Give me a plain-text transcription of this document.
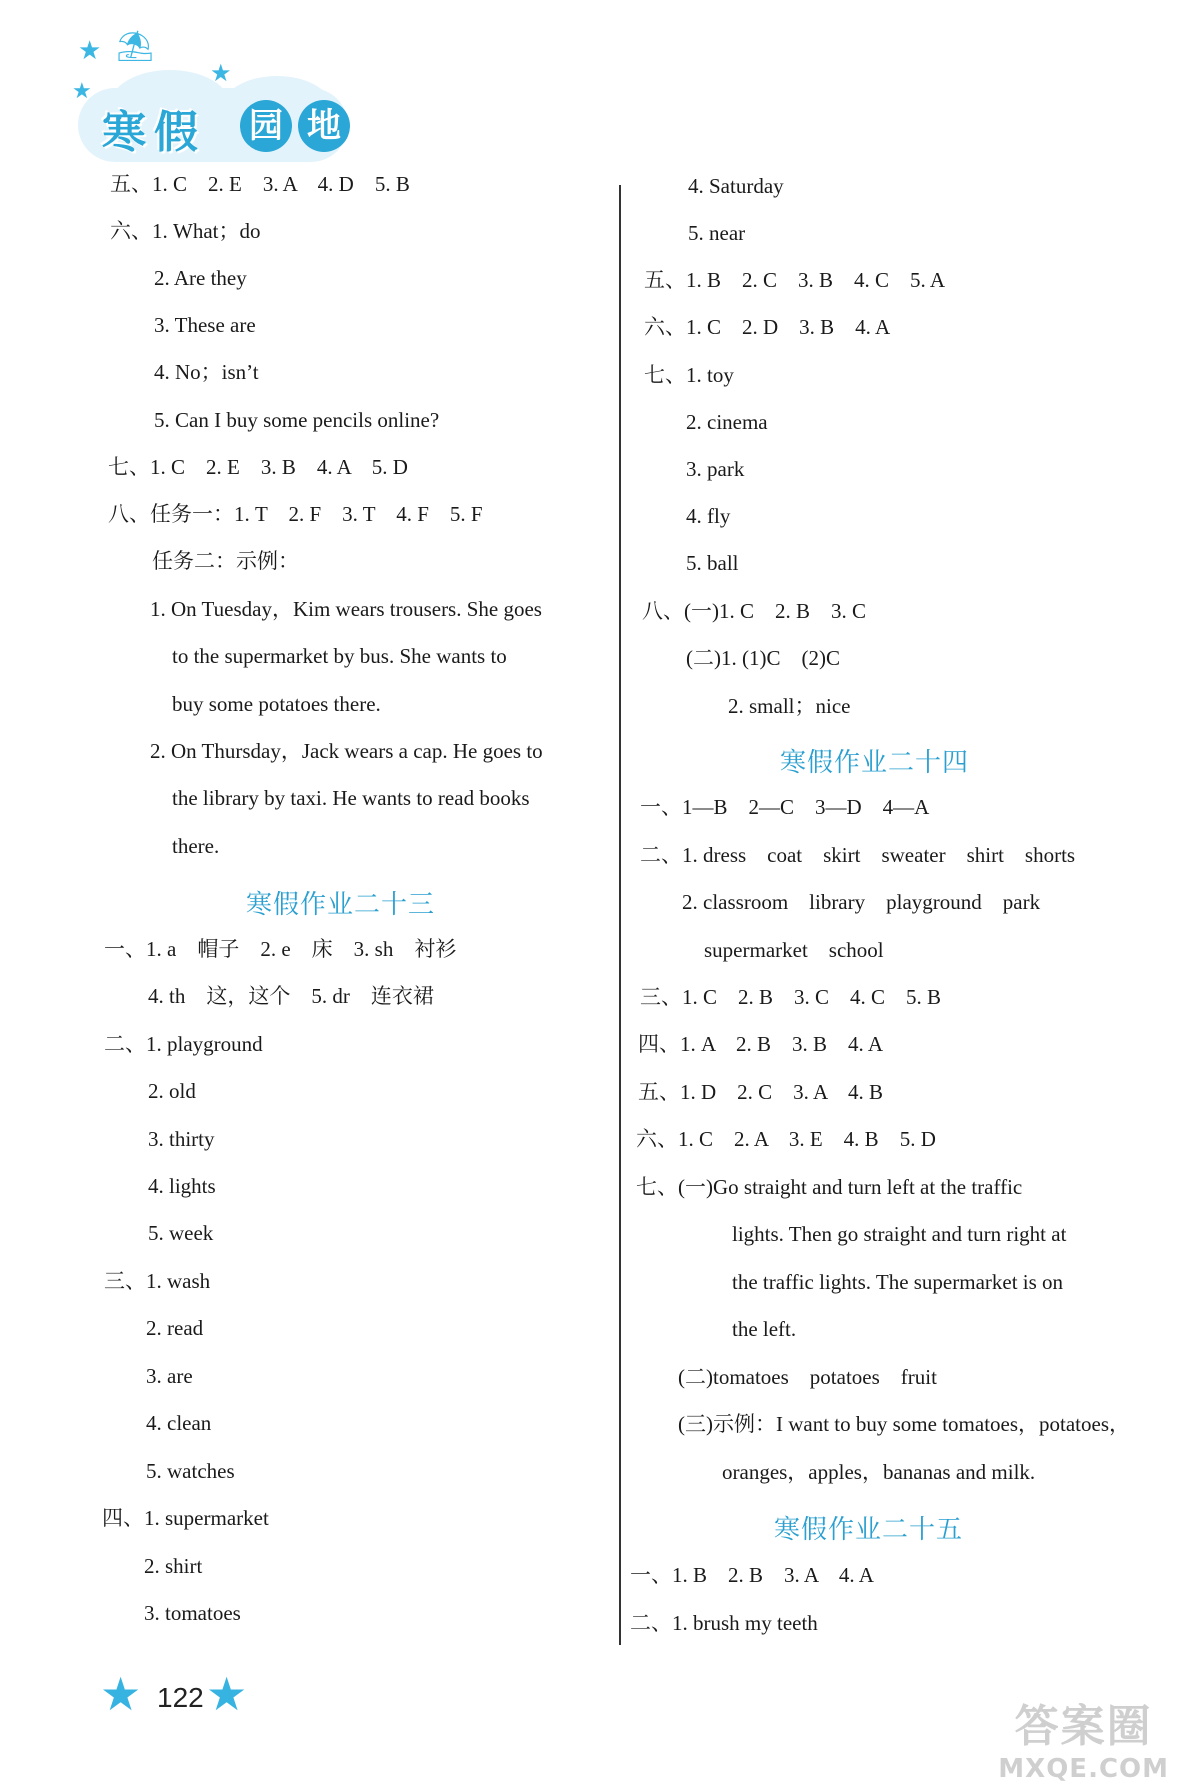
★ ⛱
★
★
寒 假 园 地
五、1. C　2. E　3. A　4. D　5. B
六、1. What；do
2. Are they
3. These are
4. No；isn’t
5. Can I buy some pencils online?
七、1. C　2. E　3. B　4. A　5. D
八、任务一：1. T　2. F　3. T　4. F　5. F
任务二：示例：
1. On Tuesday，Kim wears trousers. She goes
to the supermarket by bus. She wants to
buy some potatoes there.
2. On Thursday，Jack wears a cap. He goes to
the library by taxi. He wants to read books
there.
一、1. a　帽子　2. e　床　3. sh　衬衫
4. th　这，这个　5. dr　连衣裙
二、1. playground
2. old
3. thirty
4. lights
5. week
三、1. wash
2. read
3. are
4. clean
5. watches
四、1. supermarket
2. shirt
3. tomatoes
寒假作业二十三
4. Saturday
5. near
五、1. B　2. C　3. B　4. C　5. A
六、1. C　2. D　3. B　4. A
七、1. toy
2. cinema
3. park
4. fly
5. ball
八、(一)1. C　2. B　3. C
(二)1. (1)C　(2)C
2. small；nice
一、1—B　2—C　3—D　4—A
二、1. dress　coat　skirt　sweater　shirt　shorts
2. classroom　library　playground　park
supermarket　school
三、1. C　2. B　3. C　4. C　5. B
四、1. A　2. B　3. B　4. A
五、1. D　2. C　3. A　4. B
六、1. C　2. A　3. E　4. B　5. D
七、(一)Go straight and turn left at the traffic
lights. Then go straight and turn right at
the traffic lights. The supermarket is on
the left.
(二)tomatoes　potatoes　fruit
(三)示例：I want to buy some tomatoes，potatoes，
oranges，apples，bananas and milk.
一、1. B　2. B　3. A　4. A
二、1. brush my teeth
寒假作业二十四
寒假作业二十五
★ 122 ★
答案圈
MXQE.COM
